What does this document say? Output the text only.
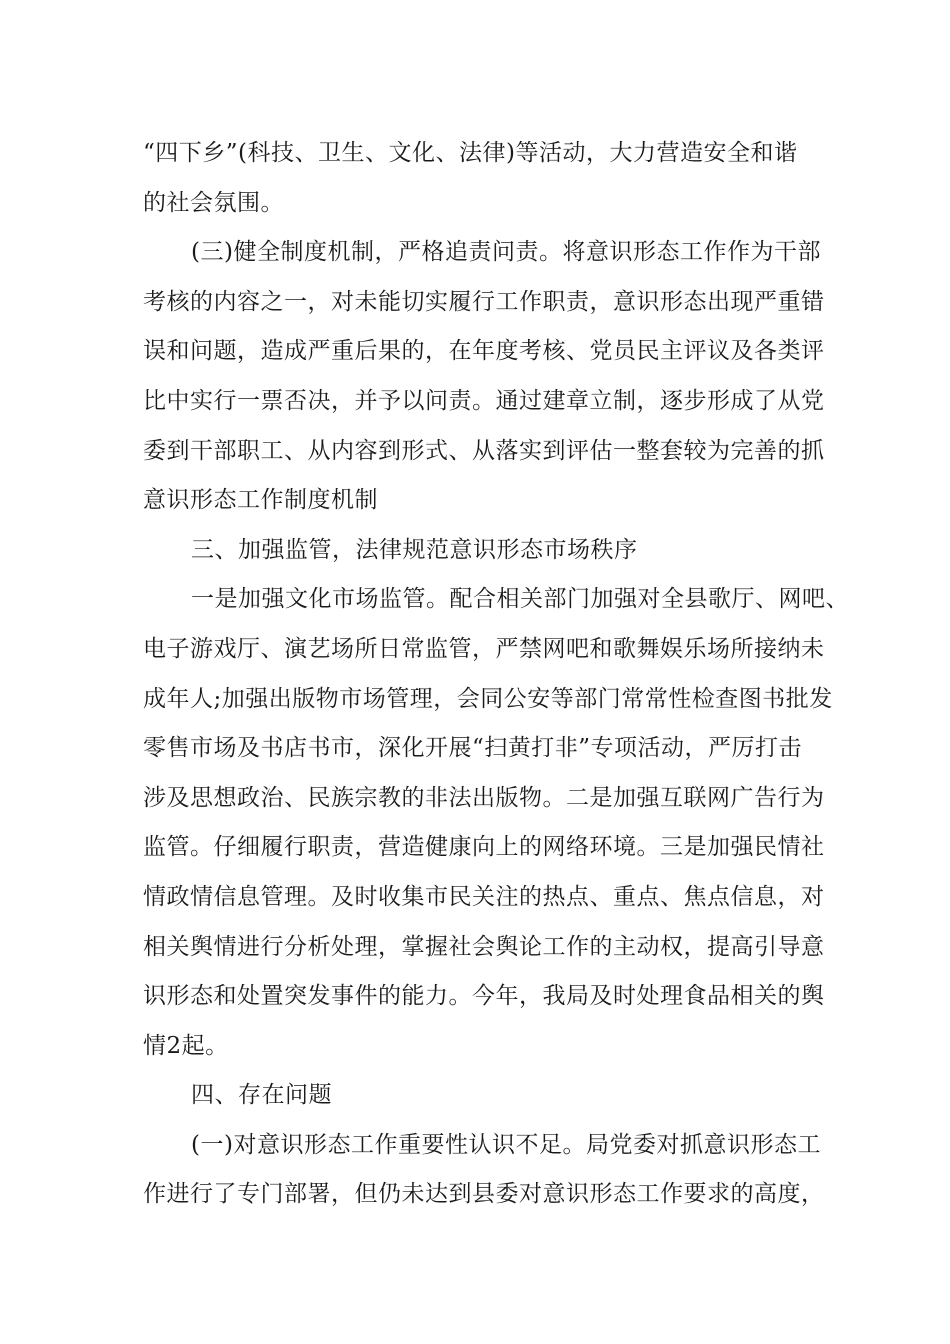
“四下乡”(科技、卫生、文化、法律)等活动，大力营造安全和谐
的社会氛围。
(三)健全制度机制，严格追责问责。将意识形态工作作为干部
考核的内容之一，对未能切实履行工作职责，意识形态出现严重错
误和问题，造成严重后果的，在年度考核、党员民主评议及各类评
比中实行一票否决，并予以问责。通过建章立制，逐步形成了从党
委到干部职工、从内容到形式、从落实到评估一整套较为完善的抓
意识形态工作制度机制
三、加强监管，法律规范意识形态市场秩序
一是加强文化市场监管。配合相关部门加强对全县歌厅、网吧、
电子游戏厅、演艺场所日常监管，严禁网吧和歌舞娱乐场所接纳未
成年人;加强出版物市场管理，会同公安等部门常常性检查图书批发
零售市场及书店书市，深化开展“扫黄打非”专项活动，严厉打击
涉及思想政治、民族宗教的非法出版物。二是加强互联网广告行为
监管。仔细履行职责，营造健康向上的网络环境。三是加强民情社
情政情信息管理。及时收集市民关注的热点、重点、焦点信息，对
相关舆情进行分析处理，掌握社会舆论工作的主动权，提高引导意
识形态和处置突发事件的能力。今年，我局及时处理食品相关的舆
情2起。
四、存在问题
(一)对意识形态工作重要性认识不足。局党委对抓意识形态工
作进行了专门部署，但仍未达到县委对意识形态工作要求的高度，
